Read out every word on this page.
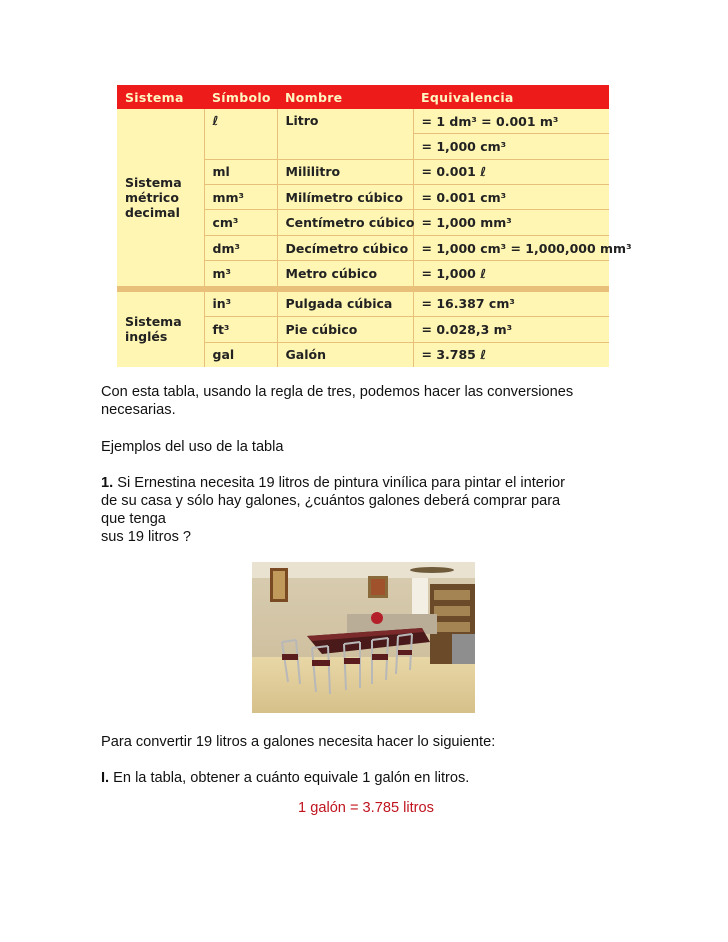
Sistema	Símbolo	Nombre	Equivalencia

Sistema
métrico
decimal	ℓ	Litro	= 1 dm³ = 0.001 m³
			= 1,000 cm³
	ml	Mililitro	= 0.001 ℓ
	mm³	Milímetro cúbico	= 0.001 cm³
	cm³	Centímetro cúbico	= 1,000 mm³
	dm³	Decímetro cúbico	= 1,000 cm³ = 1,000,000 mm³
	m³	Metro cúbico	= 1,000 ℓ

Sistema
inglés	in³	Pulgada cúbica	= 16.387 cm³
	ft³	Pie cúbico	= 0.028,3 m³
	gal	Galón	= 3.785 ℓ

Con esta tabla, usando la regla de tres, podemos hacer las conversiones necesarias.

Ejemplos del uso de la tabla

1. Si Ernestina necesita 19 litros de pintura vinílica para pintar el interior
de su casa y sólo hay galones, ¿cuántos galones deberá comprar para
que tenga
sus 19 litros ?

Para convertir 19 litros a galones necesita hacer lo siguiente:

I. En la tabla, obtener a cuánto equivale 1 galón en litros.
1 galón = 3.785 litros
